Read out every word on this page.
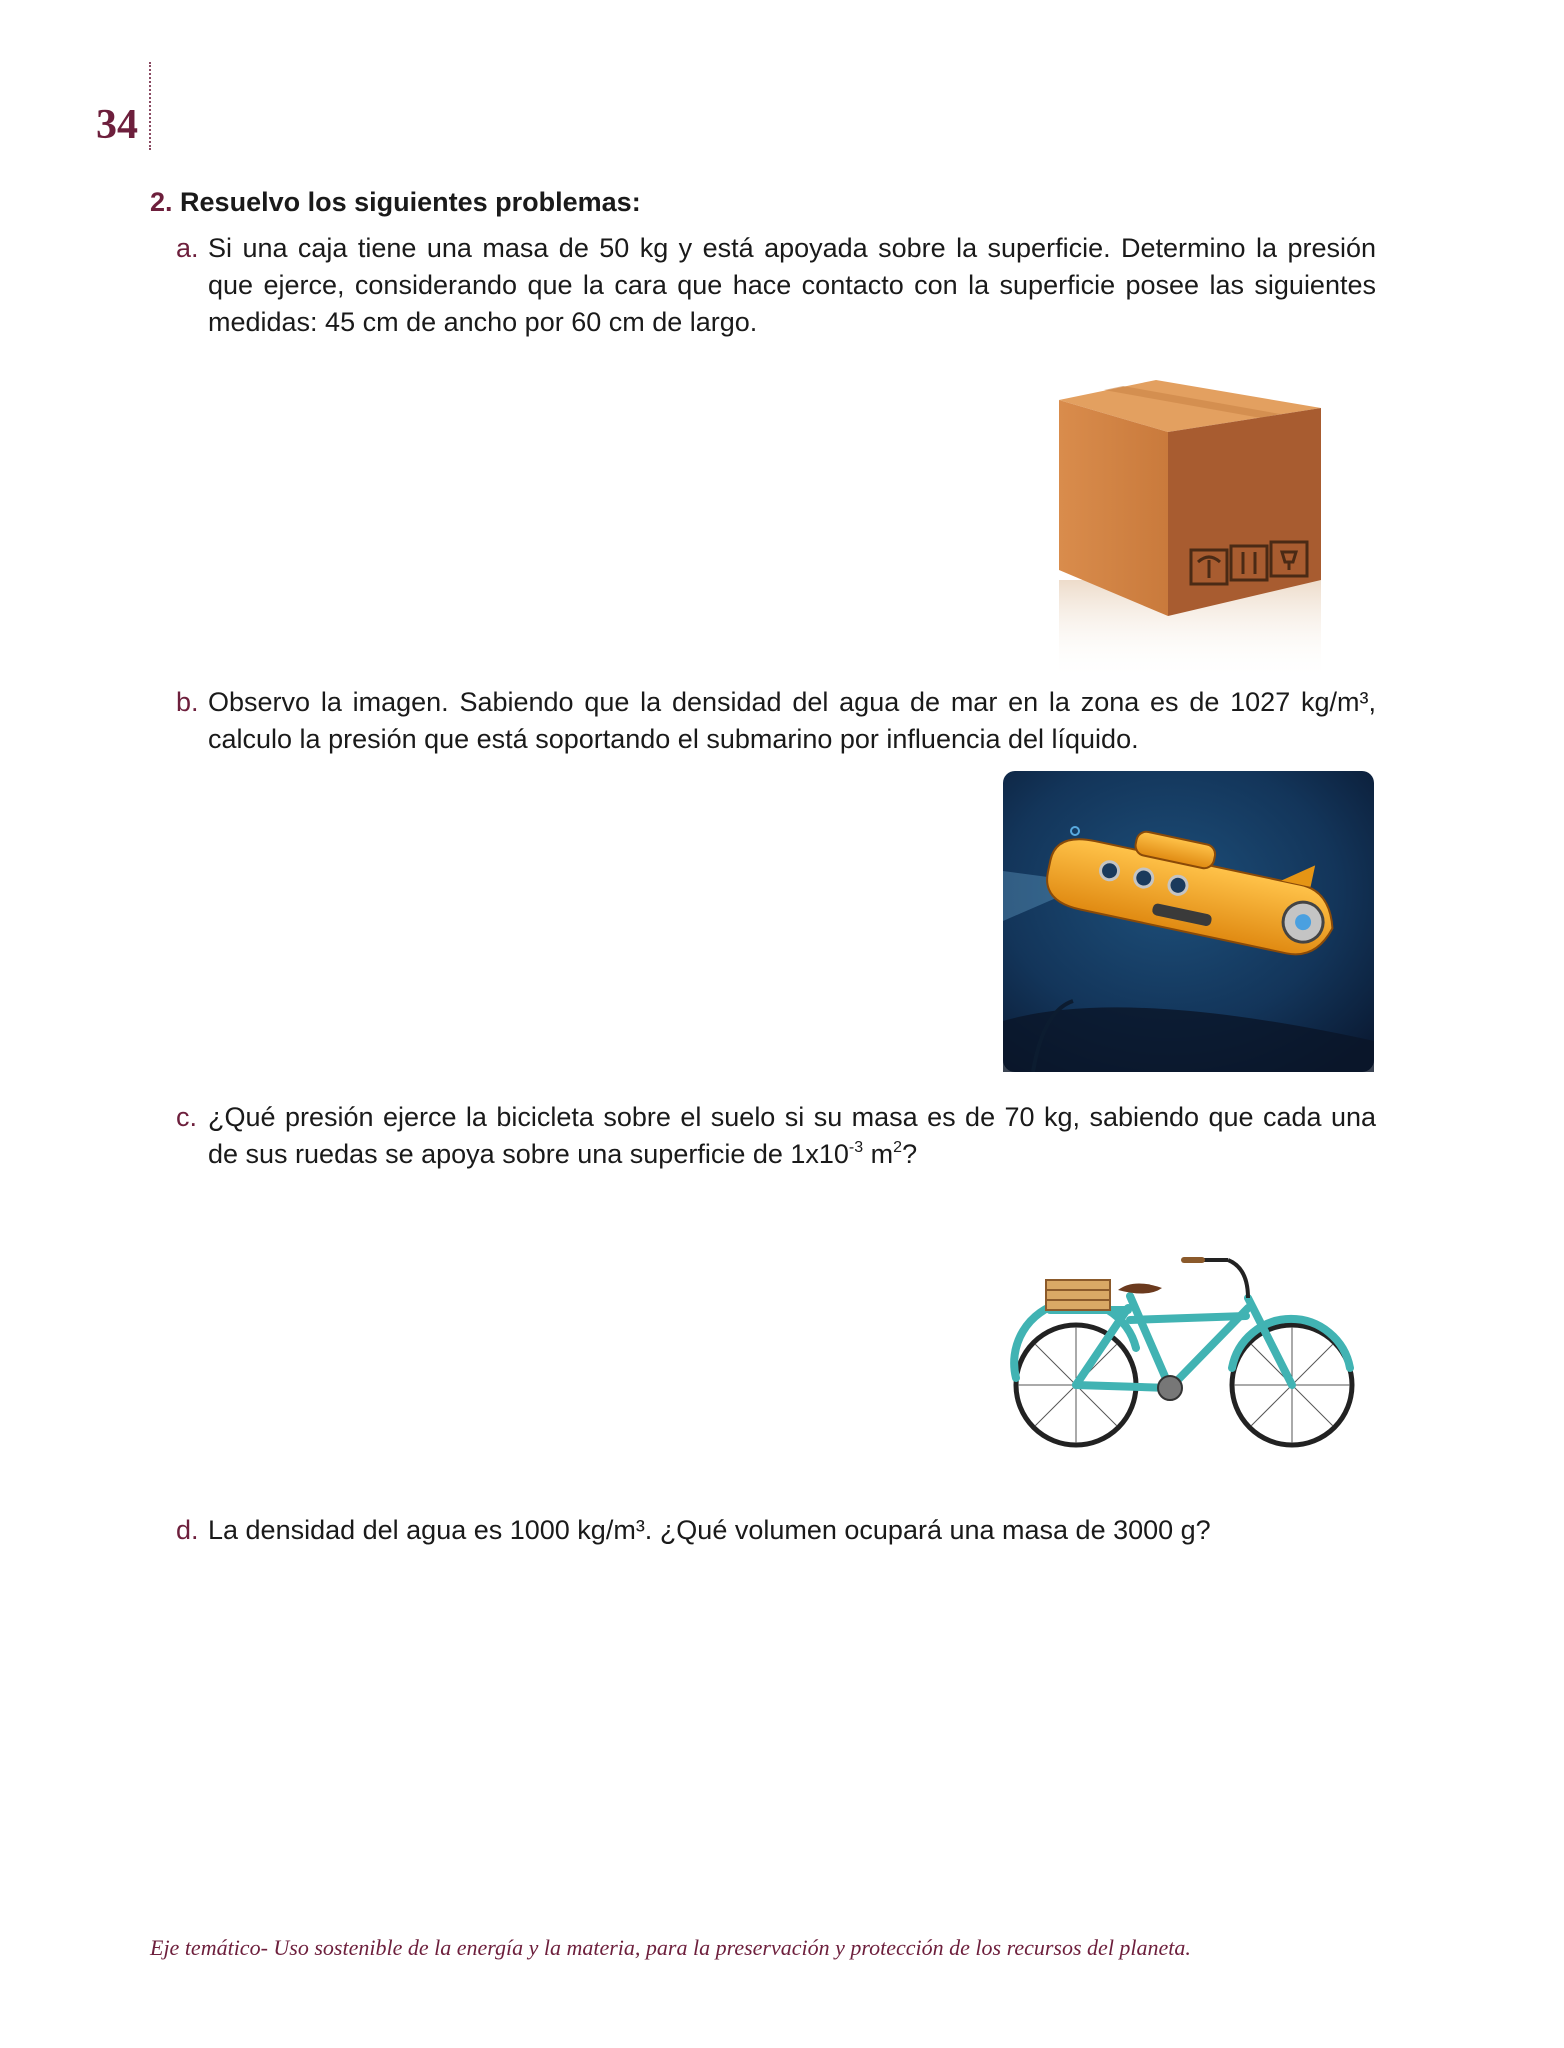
34
2. Resuelvo los siguientes problemas:
a. Si una caja tiene una masa de 50 kg y está apoyada sobre la superficie. Determino la presión que ejerce, considerando que la cara que hace contacto con la superficie posee las siguientes medidas: 45 cm de ancho por 60 cm de largo.

b. Observo la imagen. Sabiendo que la densidad del agua de mar en la zona es de 1027 kg/m³, calculo la presión que está soportando el submarino por influencia del líquido.

c. ¿Qué presión ejerce la bicicleta sobre el suelo si su masa es de 70 kg, sabiendo que cada una de sus ruedas se apoya sobre una superficie de $1x10^{-3}$ $m^2$?

d. La densidad del agua es 1000 kg/m³. ¿Qué volumen ocupará una masa de 3000 g?

Eje temático- Uso sostenible de la energía y la materia, para la preservación y protección de los recursos del planeta.
